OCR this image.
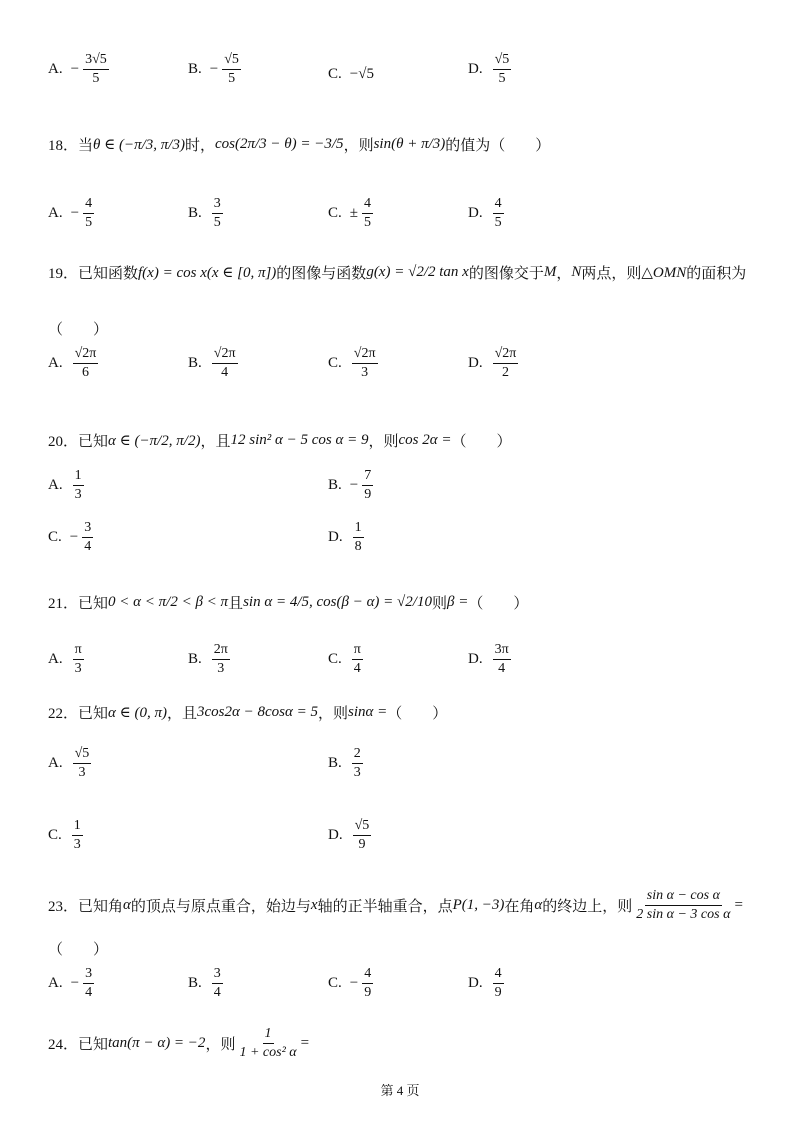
A. − $\frac{3√5}{5}$	B. − $\frac{√5}{5}$	C. −√5	D. $\frac{√5}{5}$
18．当 θ ∈ (−π/3, π/3) 时， cos(2π/3 − θ) = −3/5 ，则 sin(θ + π/3) 的值为（　　）
A. − $\frac{4}{5}$	B. $\frac{3}{5}$	C. ± $\frac{4}{5}$	D. $\frac{4}{5}$
19．已知函数 f(x) = cos x(x ∈ [0, π]) 的图像与函数 g(x) = √2/2 tan x 的图像交于 M ， N 两点，则 △OMN 的面积为
（　　）
A. $\frac{√2\pi}{6}$	B. $\frac{√2\pi}{4}$	C. $\frac{√2\pi}{3}$	D. $\frac{√2\pi}{2}$
20．已知 α ∈ (−π/2, π/2) ，且 12 sin² α − 5 cos α = 9 ，则 cos 2α = （　　）
A. $\frac{1}{3}$	B. − $\frac{7}{9}$
C. − $\frac{3}{4}$	D. $\frac{1}{8}$
21．已知 0 < α < π/2 < β < π 且 sin α = 4/5, cos(β − α) = √2/10 则 β = （　　）
A. $\frac{\pi}{3}$	B. $\frac{2\pi}{3}$	C. $\frac{\pi}{4}$	D. $\frac{3\pi}{4}$
22．已知 α ∈ (0, π) ，且 3cos2α − 8cosα = 5 ，则 sinα = （　　）
A. $\frac{√5}{3}$	B. $\frac{2}{3}$
C. $\frac{1}{3}$	D. $\frac{√5}{9}$
23．已知角 α 的顶点与原点重合，始边与 x 轴的正半轴重合，点 P(1, −3) 在角 α 的终边上，则 $\frac{\text{sin α − cos α}}{\text{2 sin α − 3 cos α}}$ =
（　　）
A. − $\frac{3}{4}$	B. $\frac{3}{4}$	C. − $\frac{4}{9}$	D. $\frac{4}{9}$
24．已知 tan(π − α) = −2 ，则 $\frac{1}{\text{1 + cos² α}}$ =
第 4 页
